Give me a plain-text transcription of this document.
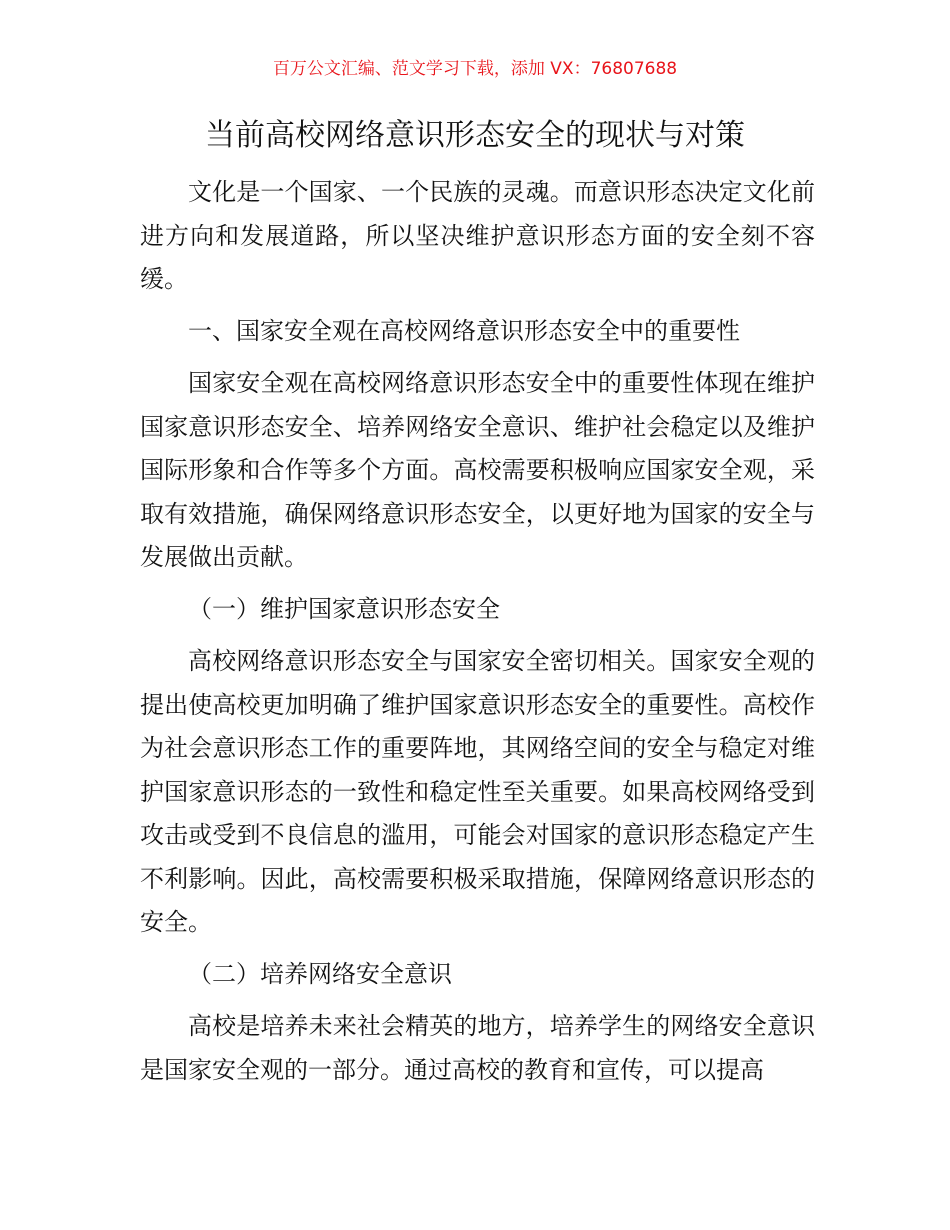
百万公文汇编、范文学习下载，添加 VX：76807688
当前高校网络意识形态安全的现状与对策

文化是一个国家、一个民族的灵魂。而意识形态决定文化前进方向和发展道路，所以坚决维护意识形态方面的安全刻不容缓。

一、国家安全观在高校网络意识形态安全中的重要性

国家安全观在高校网络意识形态安全中的重要性体现在维护国家意识形态安全、培养网络安全意识、维护社会稳定以及维护国际形象和合作等多个方面。高校需要积极响应国家安全观，采取有效措施，确保网络意识形态安全，以更好地为国家的安全与发展做出贡献。

（一）维护国家意识形态安全

高校网络意识形态安全与国家安全密切相关。国家安全观的提出使高校更加明确了维护国家意识形态安全的重要性。高校作为社会意识形态工作的重要阵地，其网络空间的安全与稳定对维护国家意识形态的一致性和稳定性至关重要。如果高校网络受到攻击或受到不良信息的滥用，可能会对国家的意识形态稳定产生不利影响。因此，高校需要积极采取措施，保障网络意识形态的安全。

（二）培养网络安全意识

高校是培养未来社会精英的地方，培养学生的网络安全意识是国家安全观的一部分。通过高校的教育和宣传，可以提高
